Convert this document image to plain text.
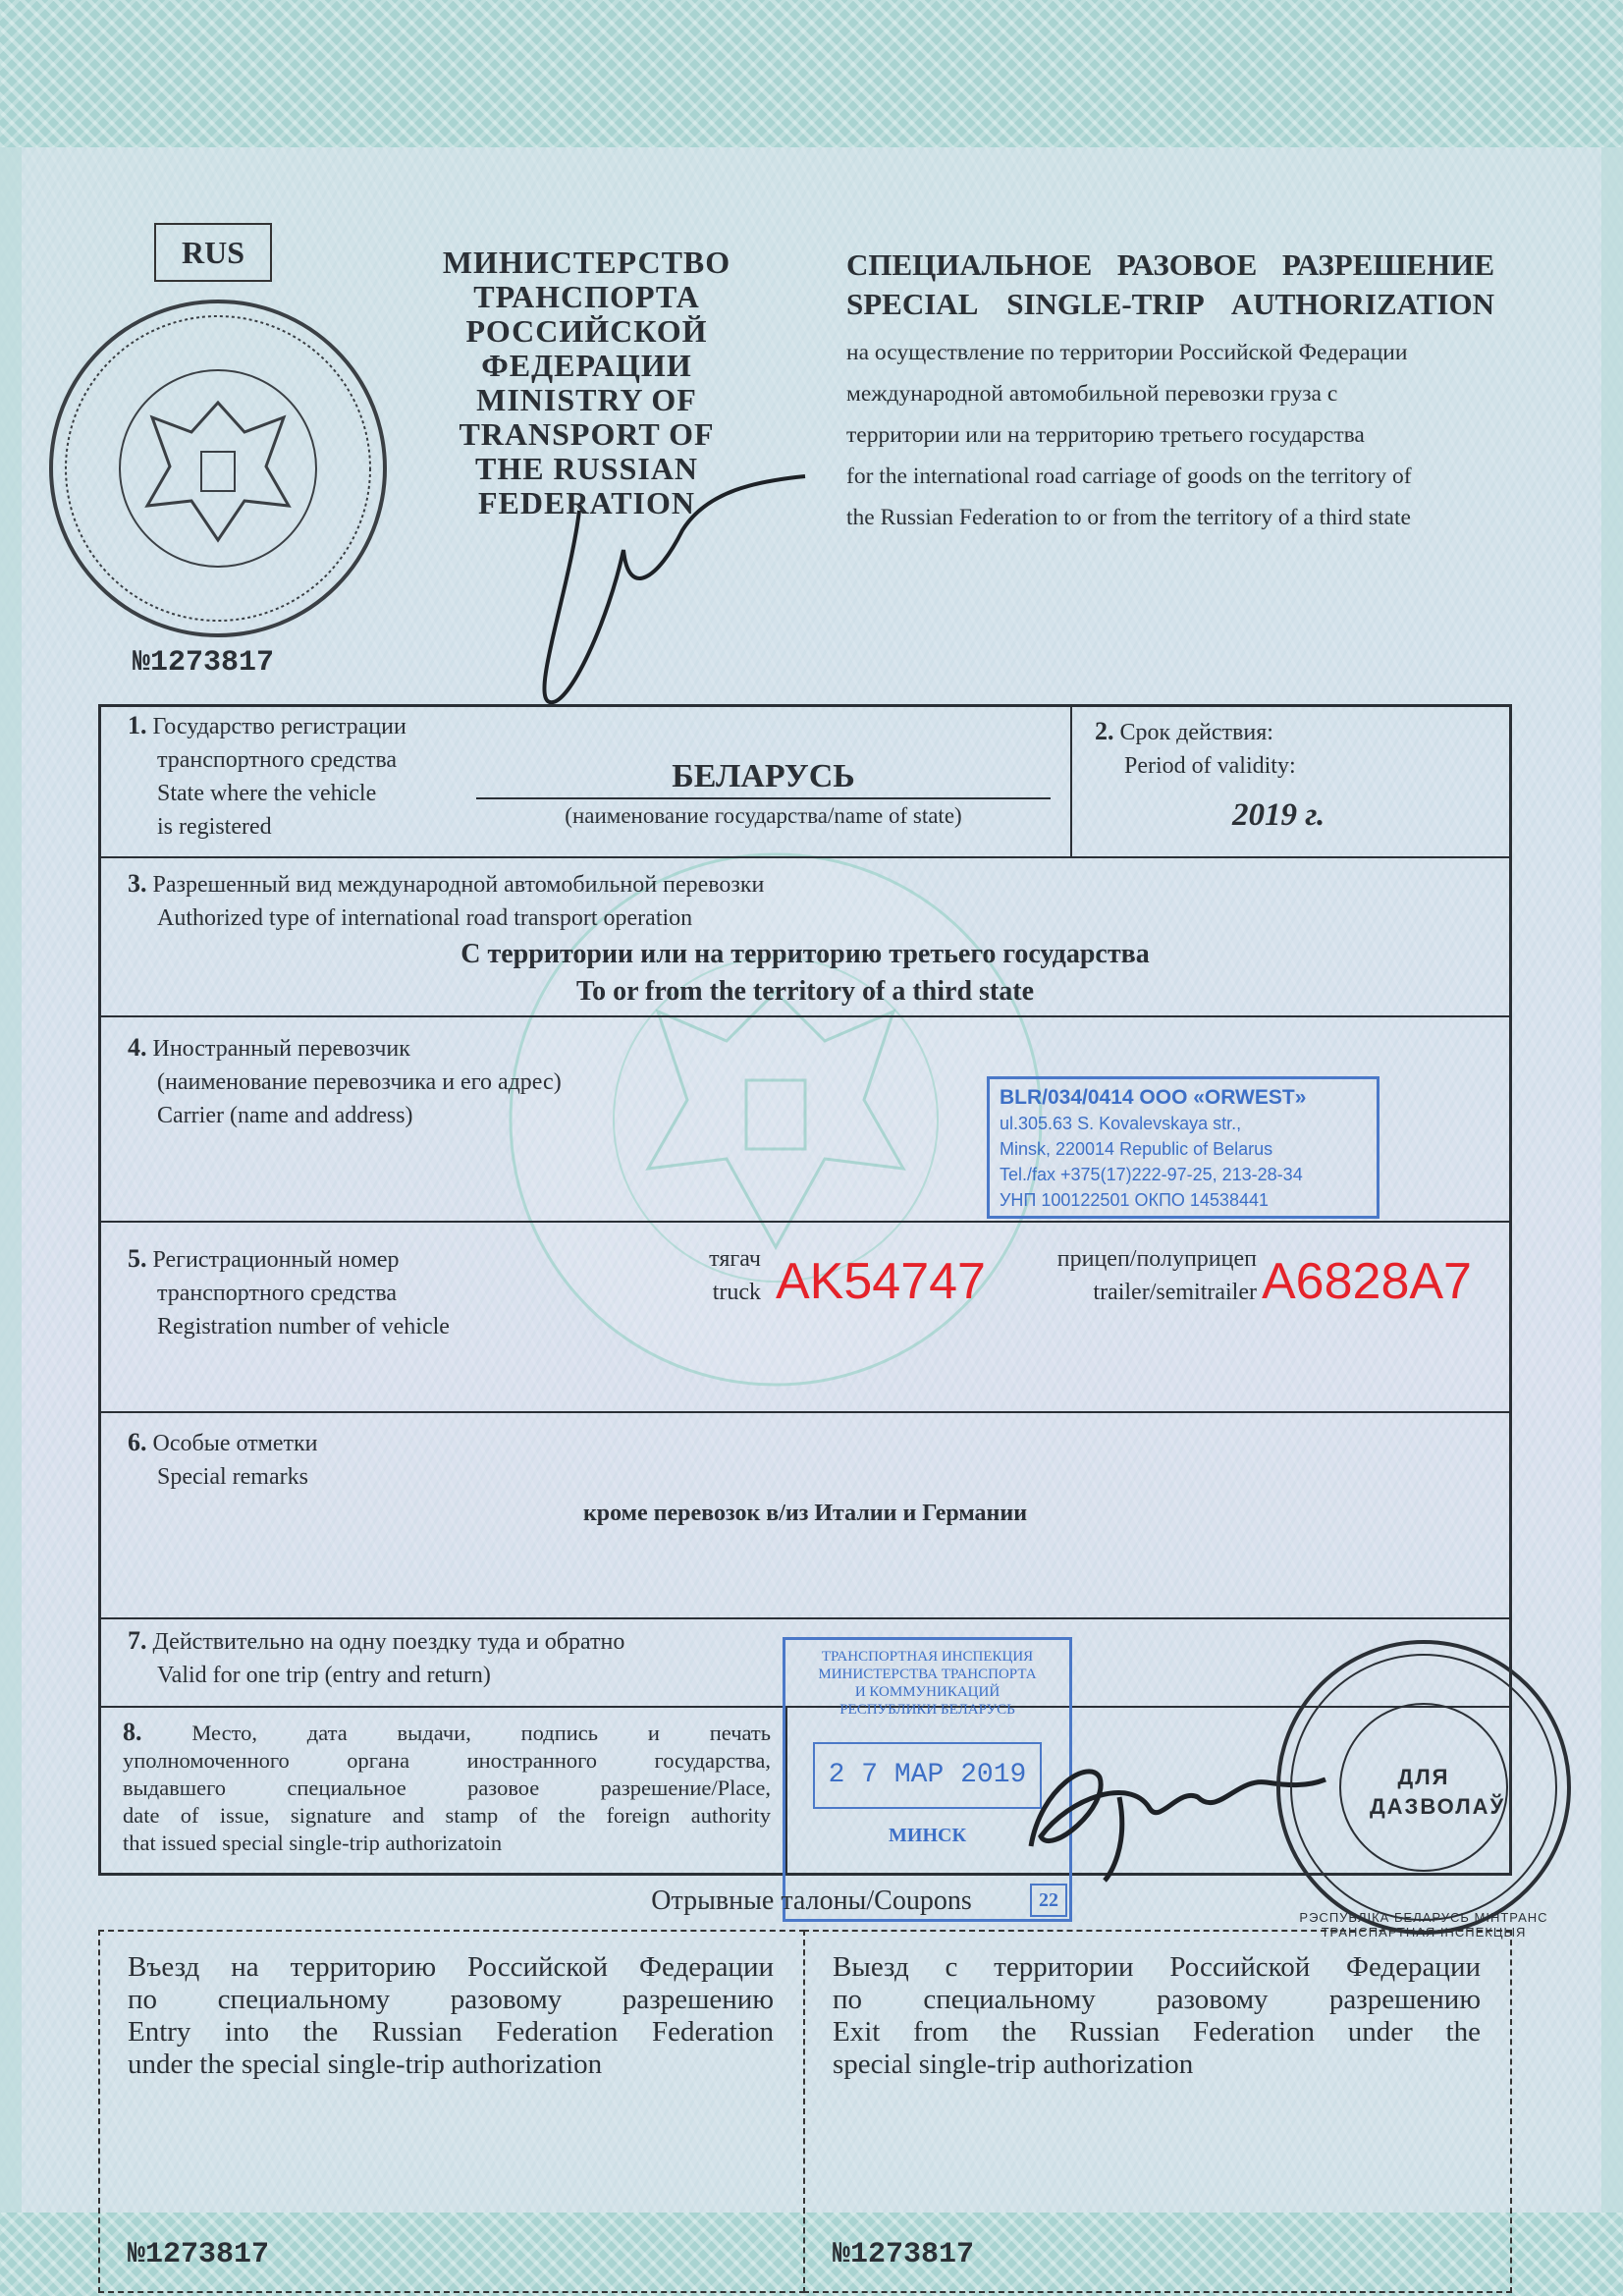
RUS	МИНИСТЕРСТВО
ТРАНСПОРТА
РОССИЙСКОЙ
ФЕДЕРАЦИИ
MINISTRY OF
TRANSPORT OF
THE RUSSIAN
FEDERATION
СПЕЦИАЛЬНОЕ РАЗОВОЕ РАЗРЕШЕНИЕ
SPECIAL SINGLE-TRIP AUTHORIZATION
на осуществление по территории Российской Федерации
международной автомобильной перевозки груза с
территории или на территорию третьего государства
for the international road carriage of goods on the territory of
the Russian Federation to or from the territory of a third state
№1273817
1. Государство регистрации
транспортного средства
State where the vehicle
is registered
БЕЛАРУСЬ
(наименование государства/name of state)
2. Срок действия:
Period of validity:
2019 г.
3. Разрешенный вид международной автомобильной перевозки
Authorized type of international road transport operation
С территории или на территорию третьего государства
To or from the territory of a third state
4. Иностранный перевозчик
(наименование перевозчика и его адрес)
Carrier (name and address)
BLR/034/0414 ООО «ORWEST»
ul.305.63 S. Kovalevskaya str.,
Minsk, 220014 Republic of Belarus
Tel./fax +375(17)222-97-25, 213-28-34
УНП 100122501 ОКПО 14538441
5. Регистрационный номер
транспортного средства
Registration number of vehicle
тягач
truck AK54747	прицеп/полуприцеп
trailer/semitrailer A6828A7
6. Особые отметки
Special remarks
кроме перевозок в/из Италии и Германии
7. Действительно на одну поездку туда и обратно
Valid for one trip (entry and return)
8. Место, дата выдачи, подпись и печать
уполномоченного органа иностранного государства,
выдавшего специальное разовое разрешение/Place,
date of issue, signature and stamp of the foreign authority
that issued special single-trip authorizatoin
ТРАНСПОРТНАЯ ИНСПЕКЦИЯ
МИНИСТЕРСТВА ТРАНСПОРТА
И КОММУНИКАЦИЙ
РЕСПУБЛИКИ БЕЛАРУСЬ
2 7 MAP 2019
МИНСК
22
ДЛЯ
ДАЗВОЛАЎ
РЭСПУБЛІКА БЕЛАРУСЬ МІНТРАНС ТРАНСПАРТНАЯ ІНСПЕКЦЫЯ
Отрывные талоны/Coupons
Въезд на территорию Российской Федерации
по специальному разовому разрешению
Entry into the Russian Federation Federation
under the special single-trip authorization
№1273817
Выезд с территории Российской Федерации
по специальному разовому разрешению
Exit from the Russian Federation under the
special single-trip authorization
№1273817
